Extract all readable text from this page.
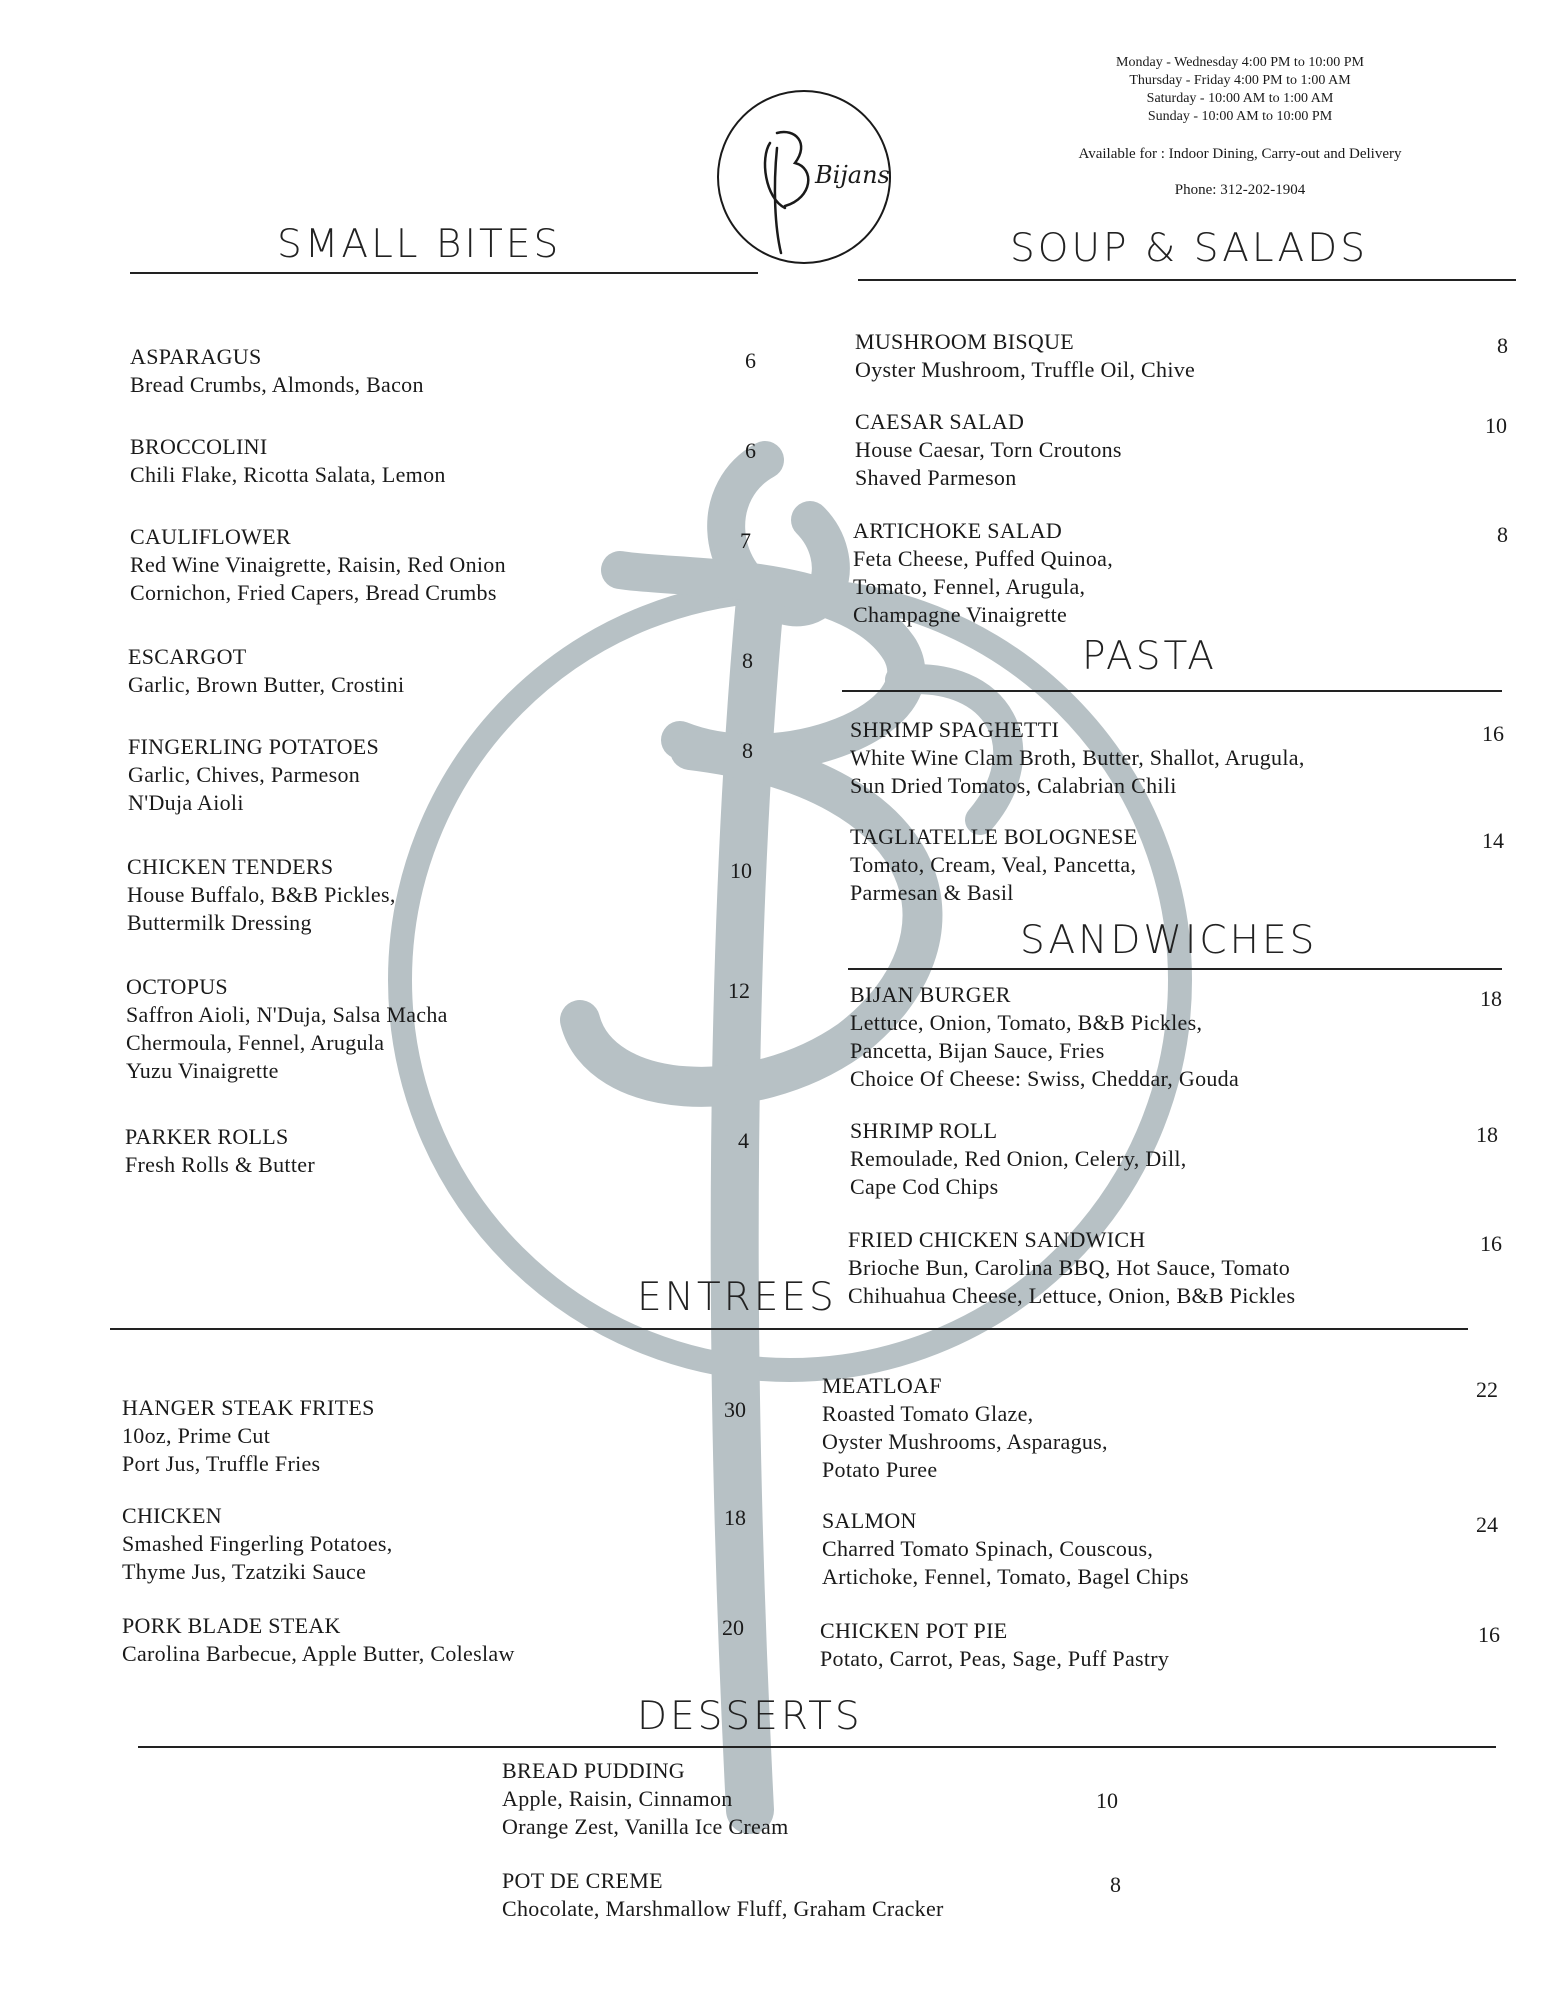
Bijans
Monday - Wednesday 4:00 PM to 10:00 PM
Thursday - Friday 4:00 PM to 1:00 AM
Saturday - 10:00 AM to 1:00 AM
Sunday - 10:00 AM to 10:00 PM
Available for : Indoor Dining, Carry-out and Delivery
Phone: 312-202-1904
SMALL BITES	SOUP & SALADS
PASTA
SANDWICHES
ENTREES
DESSERTS
ASPARAGUS
Bread Crumbs, Almonds, Bacon
6
BROCCOLINI
Chili Flake, Ricotta Salata, Lemon
6
CAULIFLOWER
Red Wine Vinaigrette, Raisin, Red Onion
Cornichon, Fried Capers, Bread Crumbs
7
ESCARGOT
Garlic, Brown Butter, Crostini
8
FINGERLING POTATOES
Garlic, Chives, Parmeson
N'Duja Aioli
8
CHICKEN TENDERS
House Buffalo, B&B Pickles,
Buttermilk Dressing
10
OCTOPUS
Saffron Aioli, N'Duja, Salsa Macha
Chermoula, Fennel, Arugula
Yuzu Vinaigrette
12
PARKER ROLLS
Fresh Rolls & Butter
4
MUSHROOM BISQUE
Oyster Mushroom, Truffle Oil, Chive
8
CAESAR SALAD
House Caesar, Torn Croutons
Shaved Parmeson
10
ARTICHOKE SALAD
Feta Cheese, Puffed Quinoa,
Tomato, Fennel, Arugula,
Champagne Vinaigrette
8
SHRIMP SPAGHETTI
White Wine Clam Broth, Butter, Shallot, Arugula,
Sun Dried Tomatos, Calabrian Chili
16
TAGLIATELLE BOLOGNESE
Tomato, Cream, Veal, Pancetta,
Parmesan & Basil
14
BIJAN BURGER
Lettuce, Onion, Tomato, B&B Pickles,
Pancetta, Bijan Sauce, Fries
Choice Of Cheese: Swiss, Cheddar, Gouda
18
SHRIMP ROLL
Remoulade, Red Onion, Celery, Dill,
Cape Cod Chips
18
FRIED CHICKEN SANDWICH
Brioche Bun, Carolina BBQ, Hot Sauce, Tomato
Chihuahua Cheese, Lettuce, Onion, B&B Pickles
16
HANGER STEAK FRITES
10oz, Prime Cut
Port Jus, Truffle Fries
30
CHICKEN
Smashed Fingerling Potatoes,
Thyme Jus, Tzatziki Sauce
18
PORK BLADE STEAK
Carolina Barbecue, Apple Butter, Coleslaw
20
MEATLOAF
Roasted Tomato Glaze,
Oyster Mushrooms, Asparagus,
Potato Puree
22
SALMON
Charred Tomato Spinach, Couscous,
Artichoke, Fennel, Tomato, Bagel Chips
24
CHICKEN POT PIE
Potato, Carrot, Peas, Sage, Puff Pastry
16
BREAD PUDDING
Apple, Raisin, Cinnamon
Orange Zest, Vanilla Ice Cream
10
POT DE CREME
Chocolate, Marshmallow Fluff, Graham Cracker
8
